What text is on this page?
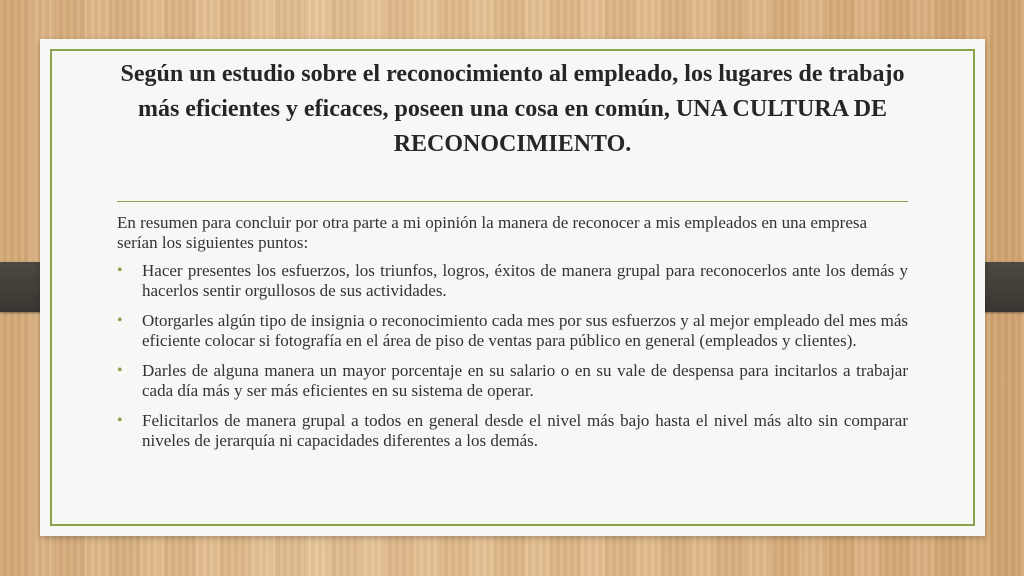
Según un estudio sobre el reconocimiento al empleado, los lugares de trabajo más eficientes y eficaces, poseen una cosa en común, UNA CULTURA DE RECONOCIMIENTO.

En resumen para concluir por otra parte a mi opinión la manera de reconocer a mis empleados en una empresa serían los siguientes puntos:

• Hacer presentes los esfuerzos, los triunfos, logros, éxitos de manera grupal para reconocerlos ante los demás y hacerlos sentir orgullosos de sus actividades.
• Otorgarles algún tipo de insignia o reconocimiento cada mes por sus esfuerzos y al mejor empleado del mes más eficiente colocar si fotografía en el área de piso de ventas para público en general (empleados y clientes).
• Darles de alguna manera un mayor porcentaje en su salario o en su vale de despensa para incitarlos a trabajar cada día más y ser más eficientes en su sistema de operar.
• Felicitarlos de manera grupal a todos en general desde el nivel más bajo hasta el nivel más alto sin comparar niveles de jerarquía ni capacidades diferentes a los demás.
